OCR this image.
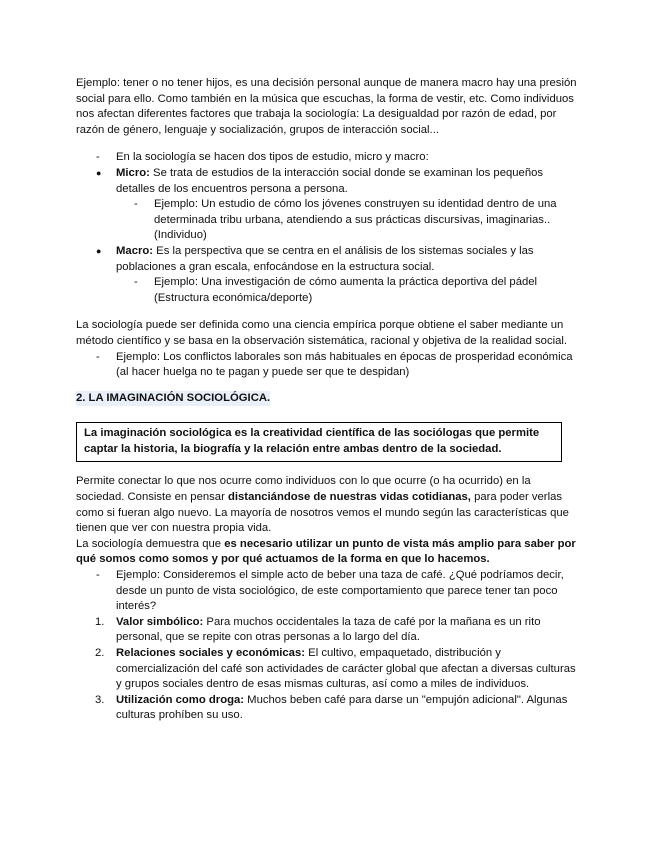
Ejemplo: tener o no tener hijos, es una decisión personal aunque de manera macro hay una presión social para ello. Como también en la música que escuchas, la forma de vestir, etc. Como individuos nos afectan diferentes factores que trabaja la sociología: La desigualdad por razón de edad, por razón de género, lenguaje y socialización, grupos de interacción social...

- En la sociología se hacen dos tipos de estudio, micro y macro:
● Micro: Se trata de estudios de la interacción social donde se examinan los pequeños detalles de los encuentros persona a persona.
- Ejemplo: Un estudio de cómo los jóvenes construyen su identidad dentro de una determinada tribu urbana, atendiendo a sus prácticas discursivas, imaginarias.. (Individuo)
● Macro: Es la perspectiva que se centra en el análisis de los sistemas sociales y las poblaciones a gran escala, enfocándose en la estructura social.
- Ejemplo: Una investigación de cómo aumenta la práctica deportiva del pádel (Estructura económica/deporte)

La sociología puede ser definida como una ciencia empírica porque obtiene el saber mediante un método científico y se basa en la observación sistemática, racional y objetiva de la realidad social.

- Ejemplo: Los conflictos laborales son más habituales en épocas de prosperidad económica (al hacer huelga no te pagan y puede ser que te despidan)

2. LA IMAGINACIÓN SOCIOLÓGICA.

La imaginación sociológica es la creatividad científica de las sociólogas que permite captar la historia, la biografía y la relación entre ambas dentro de la sociedad.

Permite conectar lo que nos ocurre como individuos con lo que ocurre (o ha ocurrido) en la sociedad. Consiste en pensar distanciándose de nuestras vidas cotidianas, para poder verlas como si fueran algo nuevo. La mayoría de nosotros vemos el mundo según las características que tienen que ver con nuestra propia vida.

La sociología demuestra que es necesario utilizar un punto de vista más amplio para saber por qué somos como somos y por qué actuamos de la forma en que lo hacemos.

- Ejemplo: Consideremos el simple acto de beber una taza de café. ¿Qué podríamos decir, desde un punto de vista sociológico, de este comportamiento que parece tener tan poco interés?
1. Valor simbólico: Para muchos occidentales la taza de café por la mañana es un rito personal, que se repite con otras personas a lo largo del día.
2. Relaciones sociales y económicas: El cultivo, empaquetado, distribución y comercialización del café son actividades de carácter global que afectan a diversas culturas y grupos sociales dentro de esas mismas culturas, así como a miles de individuos.
3. Utilización como droga: Muchos beben café para darse un "empujón adicional". Algunas culturas prohíben su uso.
